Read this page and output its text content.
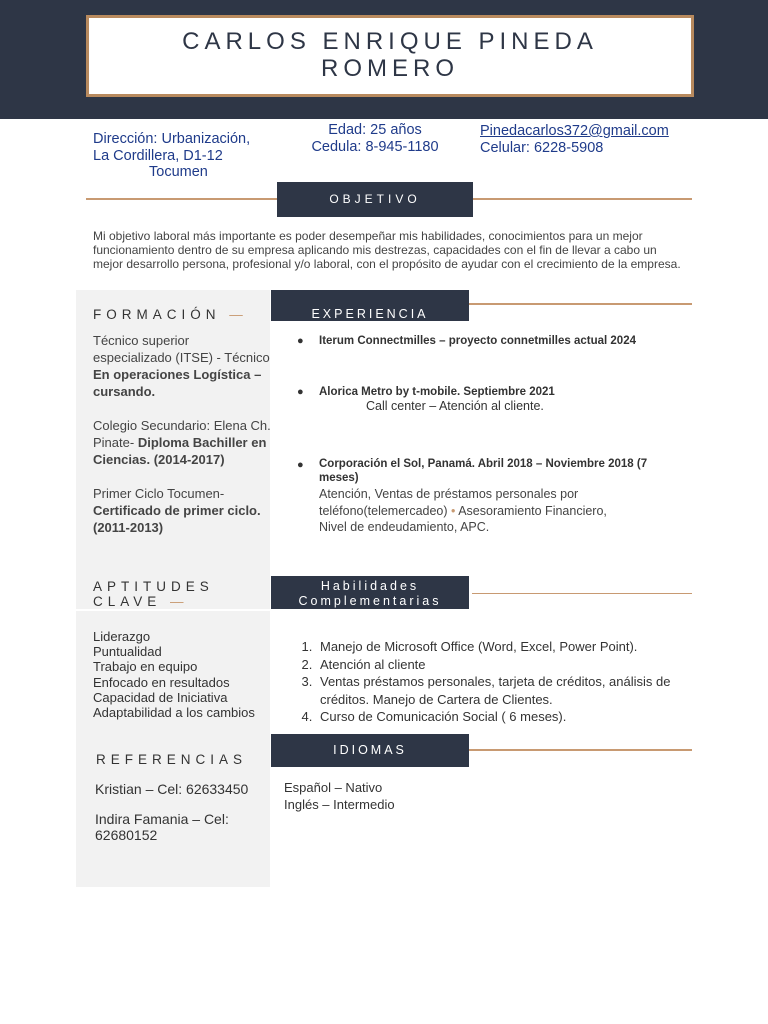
CARLOS ENRIQUE PINEDA
ROMERO
Dirección: Urbanización,
La Cordillera, D1-12
Tocumen
Edad: 25 años
Cedula: 8-945-1180
Pinedacarlos372@gmail.com
Celular: 6228-5908
OBJETIVO
Mi objetivo laboral más importante es poder desempeñar mis habilidades, conocimientos para un mejor funcionamiento dentro de su empresa aplicando mis destrezas, capacidades con el fin de llevar a cabo un mejor desarrollo persona, profesional y/o laboral, con el propósito de ayudar con el crecimiento de la empresa.
FORMACIÓN —
Técnico superior especializado (ITSE) - Técnico En operaciones Logística – cursando.
Colegio Secundario: Elena Ch. Pinate- Diploma Bachiller en Ciencias. (2014-2017)
Primer Ciclo Tocumen- Certificado de primer ciclo. (2011-2013)
APTITUDES
CLAVE —
Liderazgo
Puntualidad
Trabajo en equipo
Enfocado en resultados
Capacidad de Iniciativa
Adaptabilidad a los cambios
REFERENCIAS
Kristian – Cel: 62633450
Indira Famania – Cel: 62680152
EXPERIENCIA
● Iterum Connectmilles – proyecto connetmilles actual 2024
● Alorica Metro by t-mobile. Septiembre 2021
Call center – Atención al cliente.
● Corporación el Sol, Panamá. Abril 2018 – Noviembre 2018 (7 meses)
Atención, Ventas de préstamos personales por teléfono(telemercadeo) • Asesoramiento Financiero, Nivel de endeudamiento, APC.
Habilidades
Complementarias
1. Manejo de Microsoft Office (Word, Excel, Power Point).
2. Atención al cliente
3. Ventas préstamos personales, tarjeta de créditos, análisis de créditos. Manejo de Cartera de Clientes.
4. Curso de Comunicación Social ( 6 meses).
IDIOMAS
Español – Nativo
Inglés – Intermedio
